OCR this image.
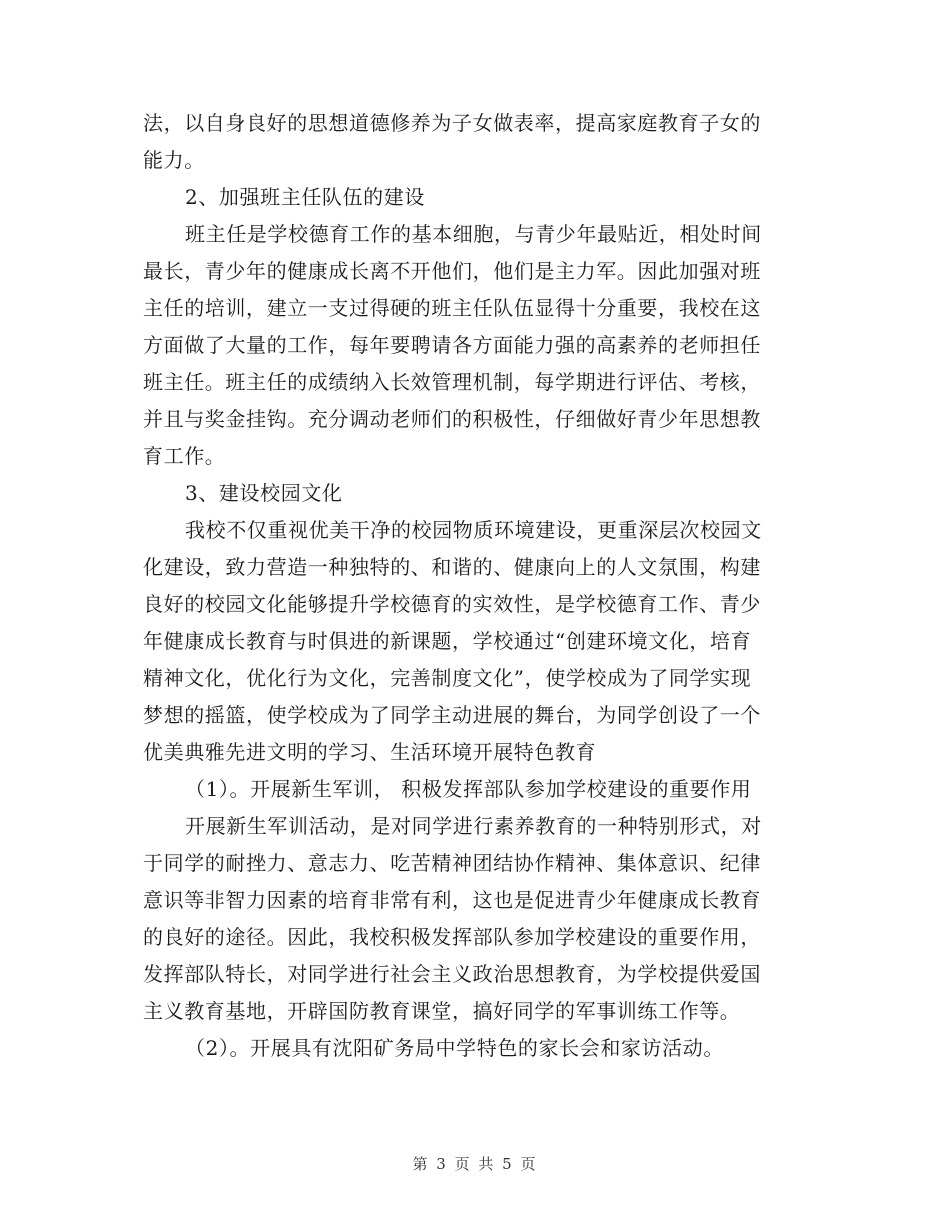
法，以自身良好的思想道德修养为子女做表率，提高家庭教育子女的
能力。
2、加强班主任队伍的建设
班主任是学校德育工作的基本细胞，与青少年最贴近，相处时间
最长，青少年的健康成长离不开他们，他们是主力军。因此加强对班
主任的培训，建立一支过得硬的班主任队伍显得十分重要，我校在这
方面做了大量的工作，每年要聘请各方面能力强的高素养的老师担任
班主任。班主任的成绩纳入长效管理机制，每学期进行评估、考核，
并且与奖金挂钩。充分调动老师们的积极性，仔细做好青少年思想教
育工作。
3、建设校园文化
我校不仅重视优美干净的校园物质环境建设，更重深层次校园文
化建设，致力营造一种独特的、和谐的、健康向上的人文氛围，构建
良好的校园文化能够提升学校德育的实效性，是学校德育工作、青少
年健康成长教育与时俱进的新课题，学校通过“创建环境文化，培育
精神文化，优化行为文化，完善制度文化”，使学校成为了同学实现
梦想的摇篮，使学校成为了同学主动进展的舞台，为同学创设了一个
优美典雅先进文明的学习、生活环境开展特色教育
（1）。开展新生军训， 积极发挥部队参加学校建设的重要作用
开展新生军训活动，是对同学进行素养教育的一种特别形式，对
于同学的耐挫力、意志力、吃苦精神团结协作精神、集体意识、纪律
意识等非智力因素的培育非常有利，这也是促进青少年健康成长教育
的良好的途径。因此，我校积极发挥部队参加学校建设的重要作用，
发挥部队特长，对同学进行社会主义政治思想教育，为学校提供爱国
主义教育基地，开辟国防教育课堂，搞好同学的军事训练工作等。
（2）。开展具有沈阳矿务局中学特色的家长会和家访活动。
第 3 页 共 5 页
